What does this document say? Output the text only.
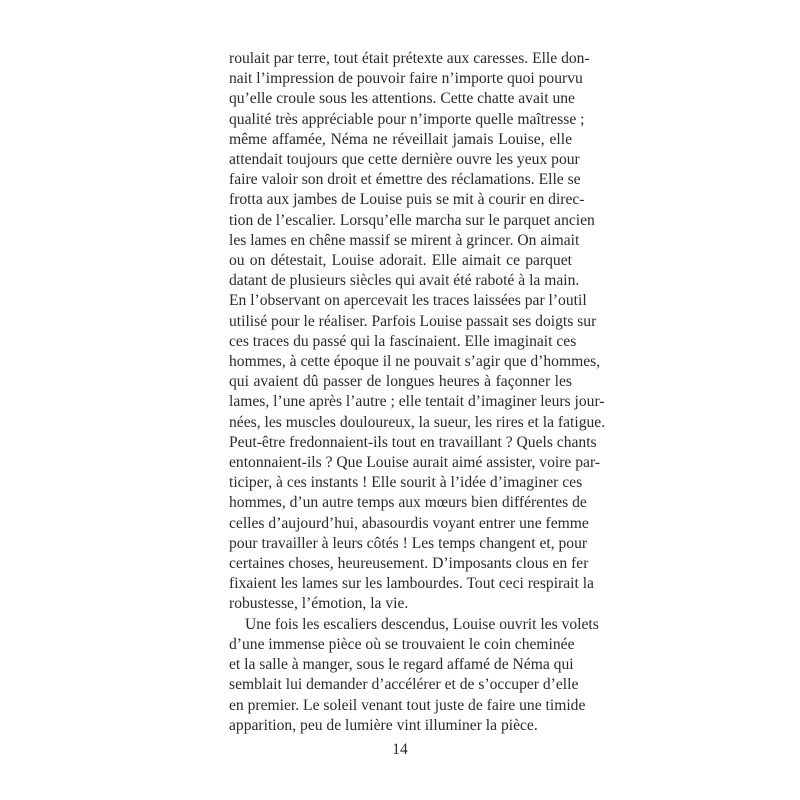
roulait par terre, tout était prétexte aux caresses. Elle don-
nait l’impression de pouvoir faire n’importe quoi pourvu
qu’elle croule sous les attentions. Cette chatte avait une
qualité très appréciable pour n’importe quelle maîtresse ;
même affamée, Néma ne réveillait jamais Louise, elle
attendait toujours que cette dernière ouvre les yeux pour
faire valoir son droit et émettre des réclamations. Elle se
frotta aux jambes de Louise puis se mit à courir en direc-
tion de l’escalier. Lorsqu’elle marcha sur le parquet ancien
les lames en chêne massif se mirent à grincer. On aimait
ou on détestait, Louise adorait. Elle aimait ce parquet
datant de plusieurs siècles qui avait été raboté à la main.
En l’observant on apercevait les traces laissées par l’outil
utilisé pour le réaliser. Parfois Louise passait ses doigts sur
ces traces du passé qui la fascinaient. Elle imaginait ces
hommes, à cette époque il ne pouvait s’agir que d’hommes,
qui avaient dû passer de longues heures à façonner les
lames, l’une après l’autre ; elle tentait d’imaginer leurs jour-
nées, les muscles douloureux, la sueur, les rires et la fatigue.
Peut-être fredonnaient-ils tout en travaillant ? Quels chants
entonnaient-ils ? Que Louise aurait aimé assister, voire par-
ticiper, à ces instants ! Elle sourit à l’idée d’imaginer ces
hommes, d’un autre temps aux mœurs bien différentes de
celles d’aujourd’hui, abasourdis voyant entrer une femme
pour travailler à leurs côtés ! Les temps changent et, pour
certaines choses, heureusement. D’imposants clous en fer
fixaient les lames sur les lambourdes. Tout ceci respirait la
robustesse, l’émotion, la vie.
Une fois les escaliers descendus, Louise ouvrit les volets
d’une immense pièce où se trouvaient le coin cheminée
et la salle à manger, sous le regard affamé de Néma qui
semblait lui demander d’accélérer et de s’occuper d’elle
en premier. Le soleil venant tout juste de faire une timide
apparition, peu de lumière vint illuminer la pièce.
14
